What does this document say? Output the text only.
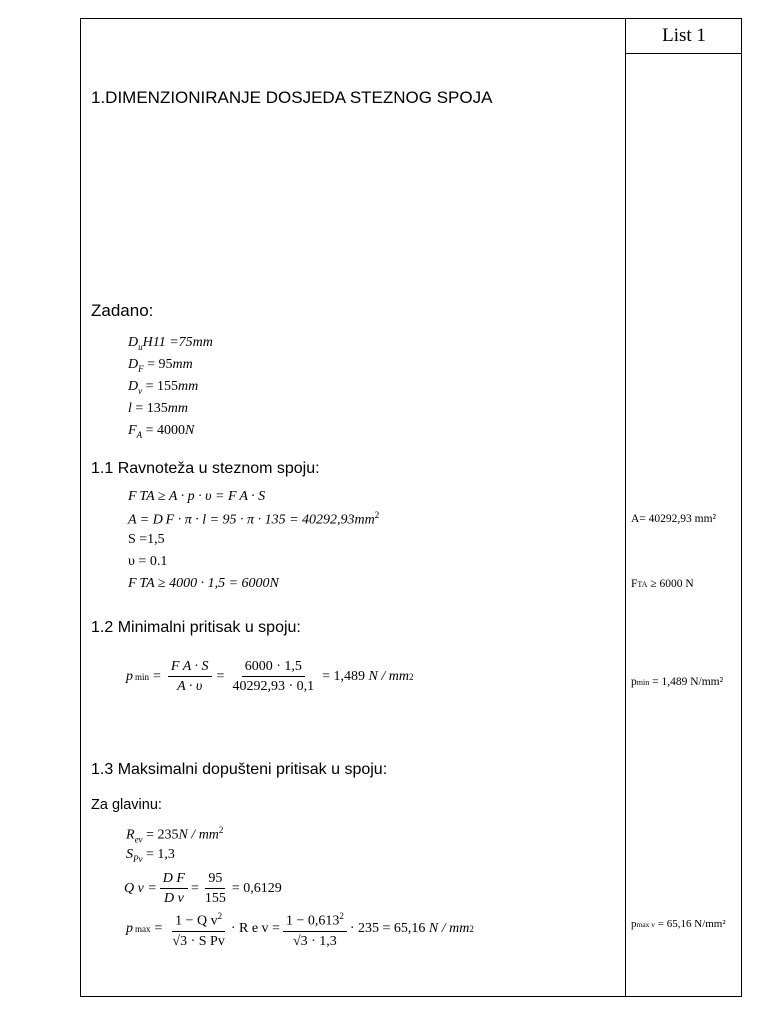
List 1
1.DIMENZIONIRANJE DOSJEDA STEZNOG SPOJA
Zadano:
$D_uH11 =75mm$
$D_F = 95mm$
$D_v = 155mm$
l = 135mm
$F_A = 4000N$
1.1 Ravnoteža u steznom spoju:
F TA ≥ A · p · υ = F A · S
A = D $F \cdot \pi \cdot l = 95 \cdot \pi \cdot 135 = 40292,93mm^2$
S =1,5
υ = 0.1
F TA ≥ 4000 · 1,5 = 6000N
1.2 Minimalni pritisak u spoju:
p $\min = \frac{\text{F A · S}}{A \cdot \upsilon} = \frac{6000 \cdot 1,5}{40292,93 \cdot 0,1} = 1,489$
N / mm 2
1.3 Maksimalni dopušteni pritisak u spoju:
Za glavinu:
$R_{ev} = 235N / mm^2$
$S_{Pv} = 1,3$
Q $v = \frac{\text{D F}}{\text{D v}} = \frac{95}{155} = 0,6129$
p $\max = \frac{1 - Q v^2}{\text{√3 · S Pv}} \cdot R$ e $v = \frac{1 - 0,613^2}{√3 \cdot 1,3} \cdot 235 = 65,16$
N / mm 2
A= 40292,93 mm²
FTA ≥ 6000 N
pmin = 1,489 N/mm²
pmax v = 65,16 N/mm²
